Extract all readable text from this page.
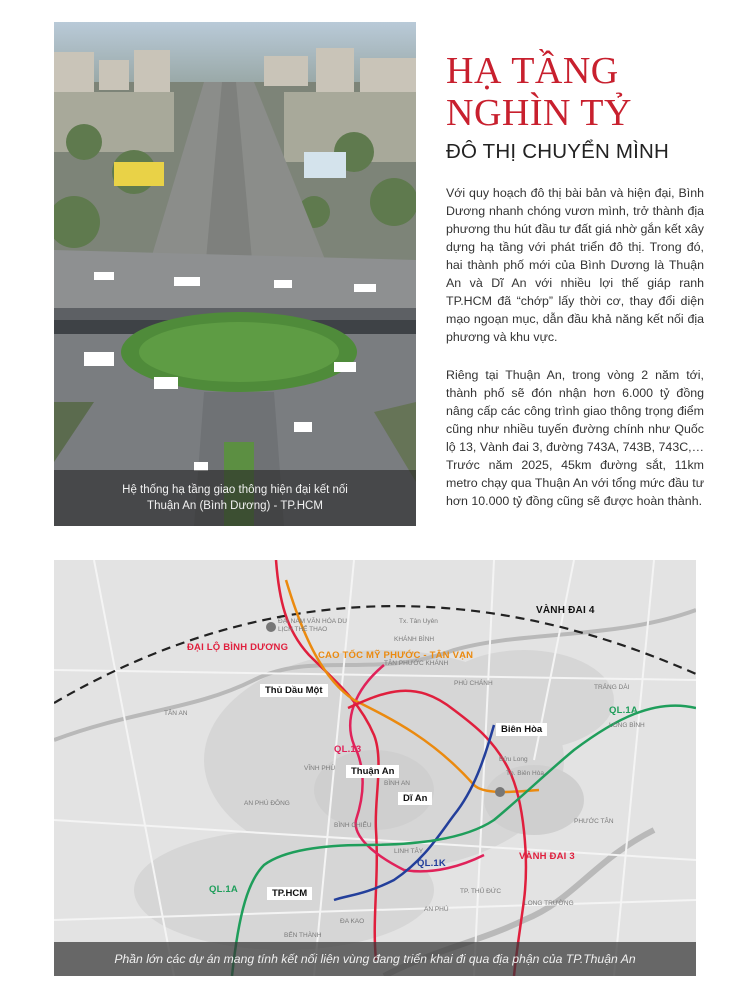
Hệ thống hạ tầng giao thông hiện đại kết nối
Thuận An (Bình Dương) - TP.HCM
HẠ TẦNG
NGHÌN TỶ
ĐÔ THỊ CHUYỂN MÌNH
Với quy hoạch đô thị bài bản và hiện đại, Bình Dương nhanh chóng vươn mình, trở thành địa phương thu hút đầu tư đất giá nhờ gắn kết xây dựng hạ tầng với phát triển đô thị. Trong đó, hai thành phố mới của Bình Dương là Thuận An và Dĩ An với nhiều lợi thế giáp ranh TP.HCM đã “chớp” lấy thời cơ, thay đổi diện mạo ngoạn mục, dẫn đầu khả năng kết nối địa phương và khu vực.
Riêng tại Thuận An, trong vòng 2 năm tới, thành phố sẽ đón nhận hơn 6.000 tỷ đồng nâng cấp các công trình giao thông trọng điểm cũng như nhiều tuyến đường chính như Quốc lộ 13, Vành đai 3, đường 743A, 743B, 743C,… Trước năm 2025, 45km đường sắt, 11km metro chạy qua Thuận An với tổng mức đầu tư hơn 10.000 tỷ đồng cũng sẽ được hoàn thành.
ĐẠI NAM VĂN HÓA DU LỊCH THỂ THAO
Tx. Tân Uyên
KHÁNH BÌNH
PHÚ CHÁNH
TÂN PHƯỚC KHÁNH
TRẢNG DÀI
LONG BÌNH
BÌNH AN
LINH TÂY
ĐA KAO
AN PHÚ
TP. THỦ ĐỨC
PHƯỚC TÂN
AN PHÚ ĐÔNG
Bửu Long
TÂN AN
VĨNH PHÚ
BÌNH CHIỂU
LONG TRƯỜNG
BẾN THÀNH
Tp. Biên Hòa
VÀNH ĐAI 4
ĐẠI LỘ BÌNH DƯƠNG
CAO TỐC MỸ PHƯỚC - TÂN VẠN
QL.13
QL.1A
QL.1A
QL.1K
VÀNH ĐAI 3
Thủ Dầu Một
Thuận An
Dĩ An
Biên Hòa
TP.HCM
Phần lớn các dự án mang tính kết nối liên vùng đang triển khai đi qua địa phận của TP.Thuận An
